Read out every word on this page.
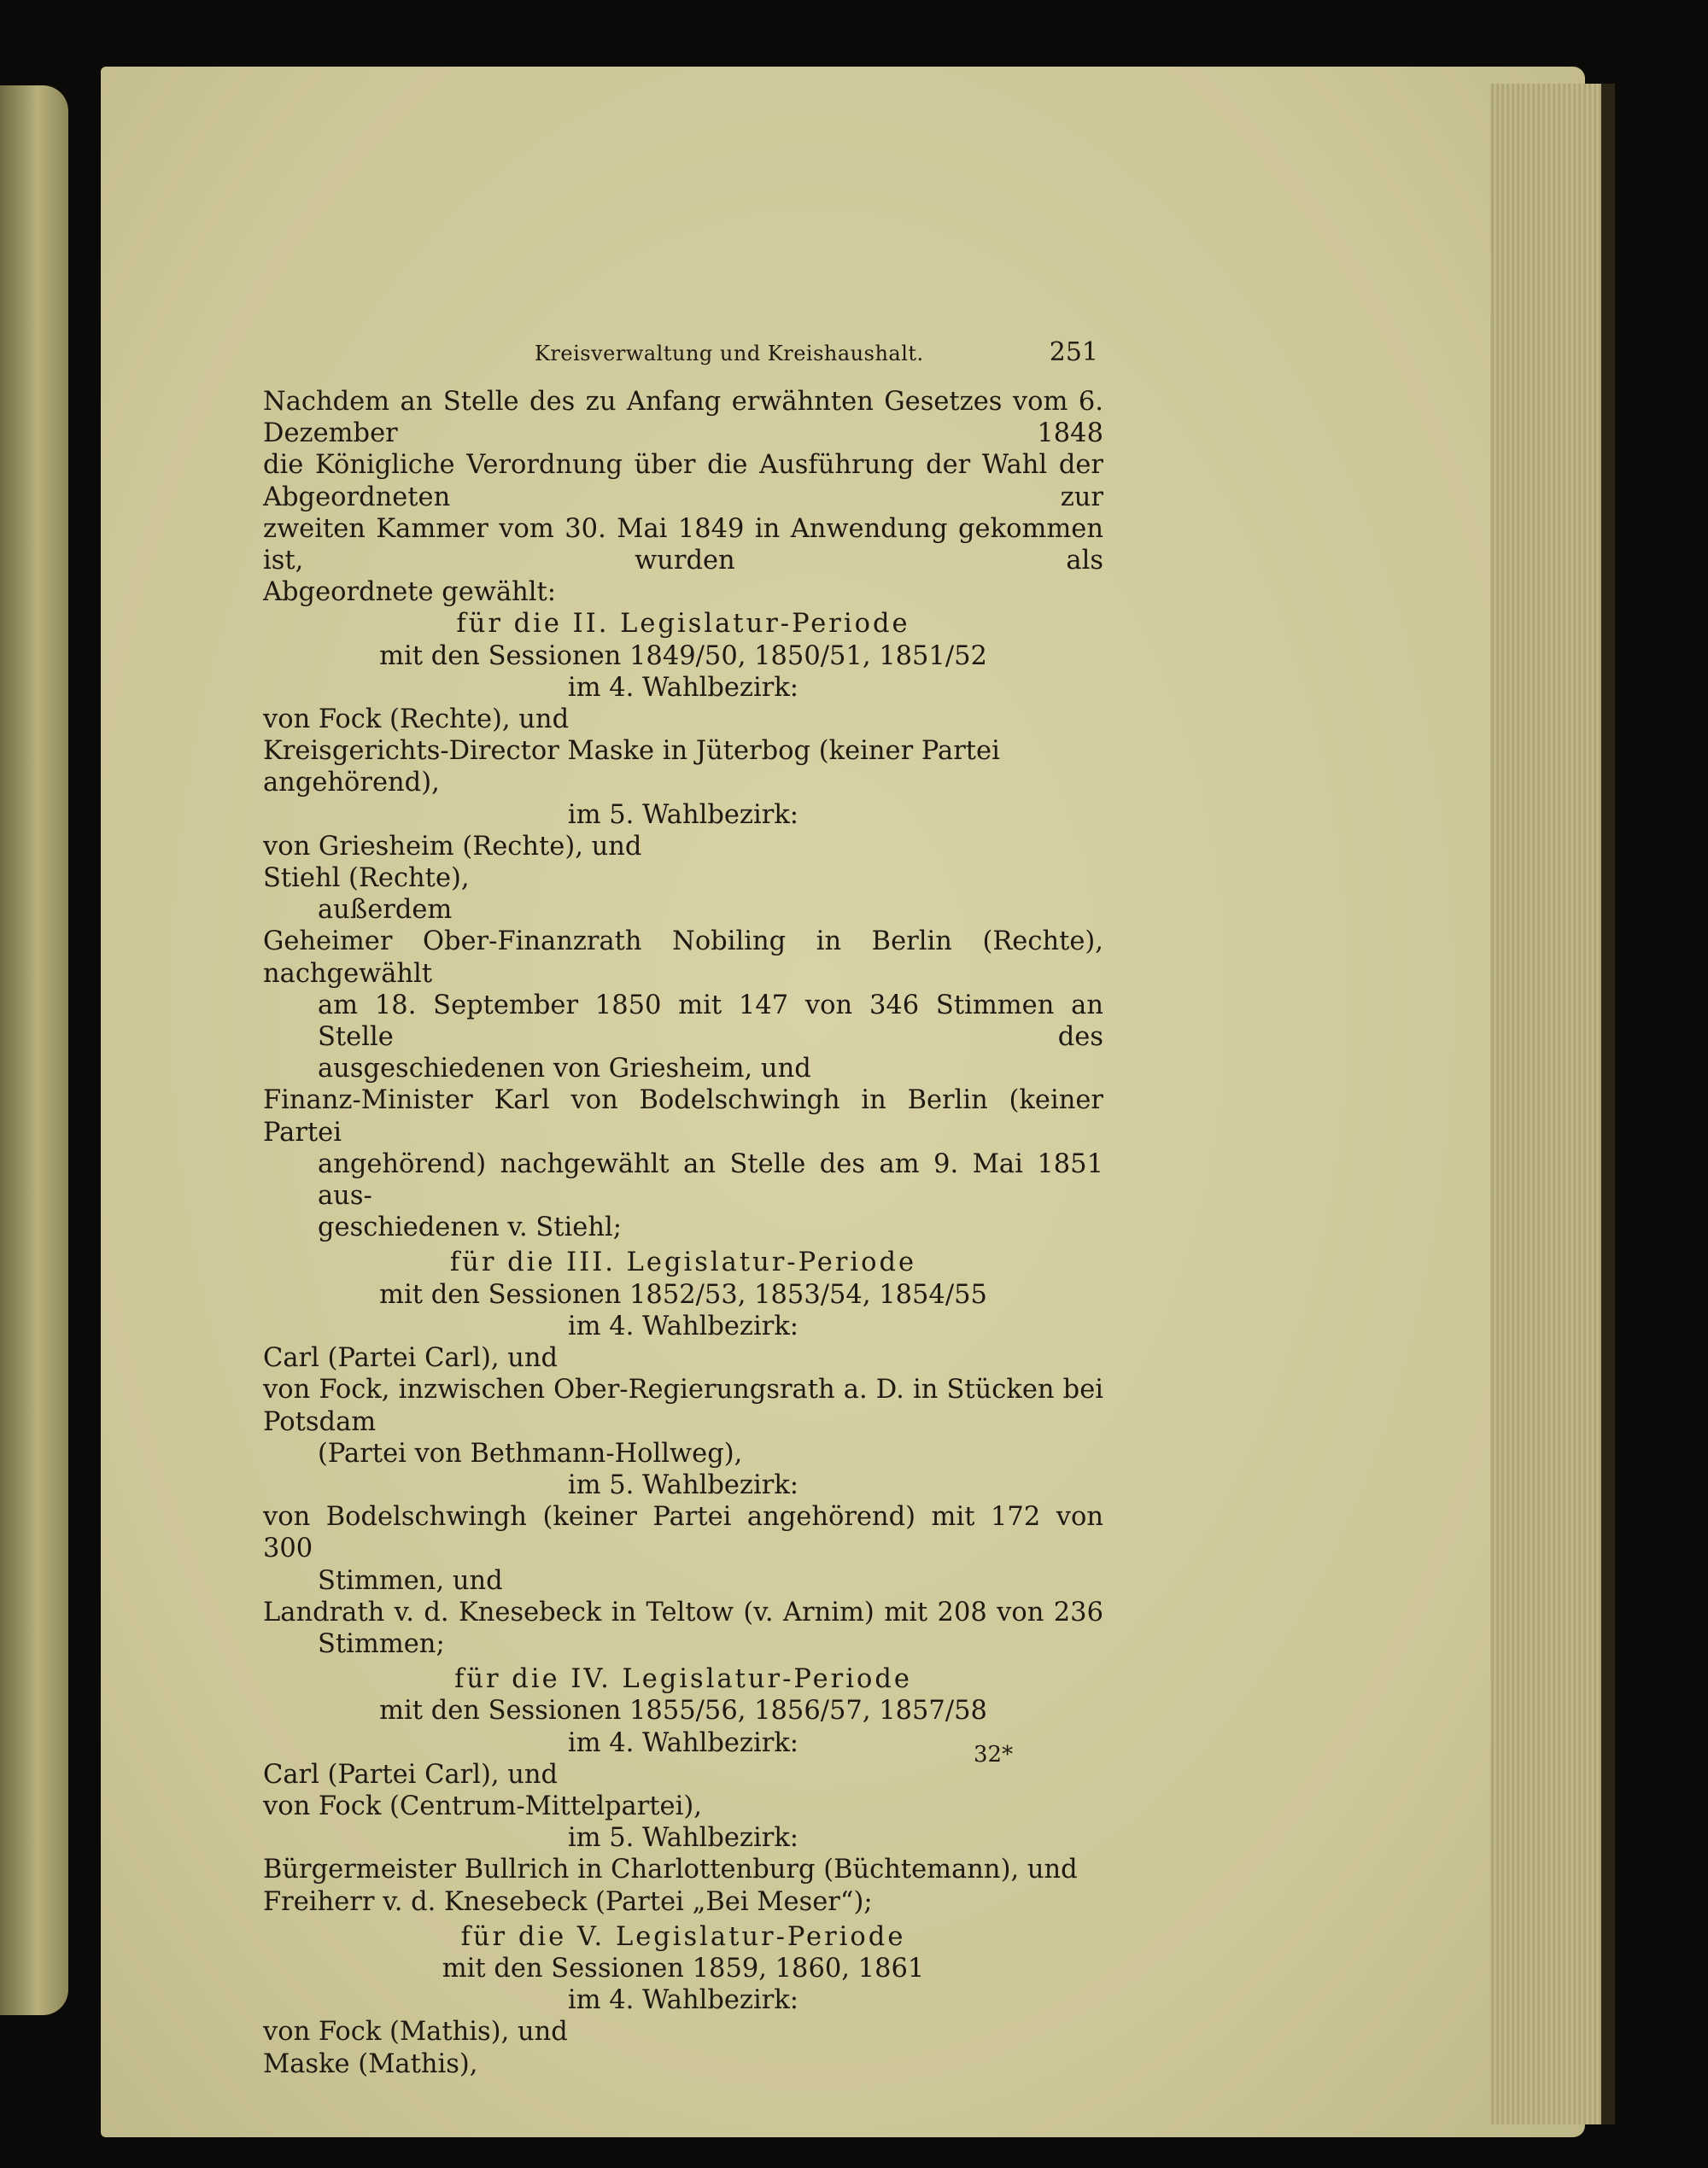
Kreisverwaltung und Kreishaushalt.	251

Nachdem an Stelle des zu Anfang erwähnten Gesetzes vom 6. Dezember 1848

die Königliche Verordnung über die Ausführung der Wahl der Abgeordneten zur

zweiten Kammer vom 30. Mai 1849 in Anwendung gekommen ist, wurden als

Abgeordnete gewählt:

für die II. Legislatur-Periode

mit den Sessionen 1849/50, 1850/51, 1851/52

im 4. Wahlbezirk:

von Fock (Rechte), und

Kreisgerichts-Director Maske in Jüterbog (keiner Partei angehörend),

im 5. Wahlbezirk:

von Griesheim (Rechte), und

Stiehl (Rechte),

außerdem

Geheimer Ober-Finanzrath Nobiling in Berlin (Rechte), nachgewählt

am 18. September 1850 mit 147 von 346 Stimmen an Stelle des

ausgeschiedenen von Griesheim, und

Finanz-Minister Karl von Bodelschwingh in Berlin (keiner Partei

angehörend) nachgewählt an Stelle des am 9. Mai 1851 aus-

geschiedenen v. Stiehl;

für die III. Legislatur-Periode

mit den Sessionen 1852/53, 1853/54, 1854/55

im 4. Wahlbezirk:

Carl (Partei Carl), und

von Fock, inzwischen Ober-Regierungsrath a. D. in Stücken bei Potsdam

(Partei von Bethmann-Hollweg),

im 5. Wahlbezirk:

von Bodelschwingh (keiner Partei angehörend) mit 172 von 300

Stimmen, und

Landrath v. d. Knesebeck in Teltow (v. Arnim) mit 208 von 236

Stimmen;

für die IV. Legislatur-Periode

mit den Sessionen 1855/56, 1856/57, 1857/58

im 4. Wahlbezirk:

Carl (Partei Carl), und

von Fock (Centrum-Mittelpartei),

im 5. Wahlbezirk:

Bürgermeister Bullrich in Charlottenburg (Büchtemann), und

Freiherr v. d. Knesebeck (Partei „Bei Meser“);

für die V. Legislatur-Periode

mit den Sessionen 1859, 1860, 1861

im 4. Wahlbezirk:

von Fock (Mathis), und

Maske (Mathis),

32*
